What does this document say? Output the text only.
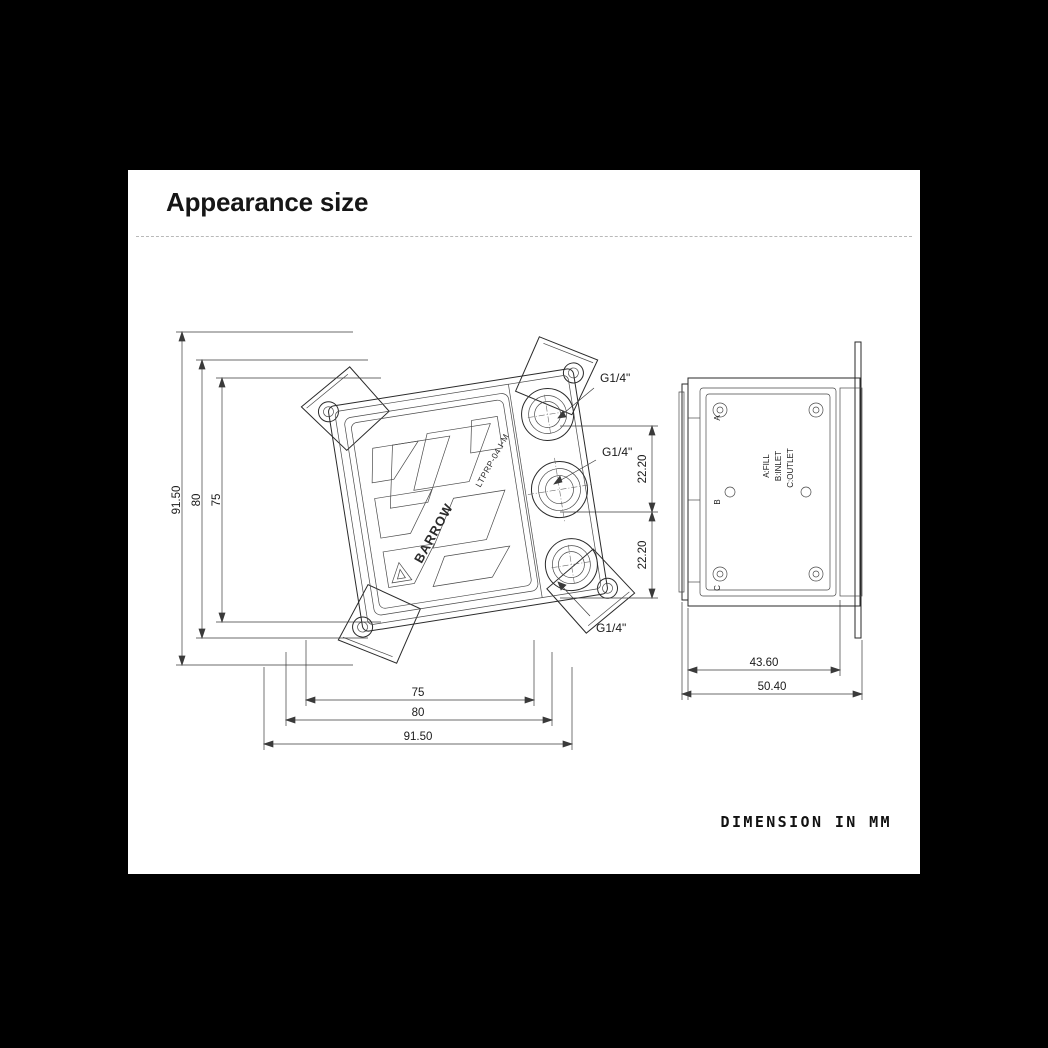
Appearance size
BARROW
LTPRP-04 I-M
91.50 80 75
75
80
91.50
G1/4"
G1/4"
G1/4"
22.20
22.20
A
B
C
A:FILL B:INLET C:OUTLET
43.60
50.40
DIMENSION IN MM
